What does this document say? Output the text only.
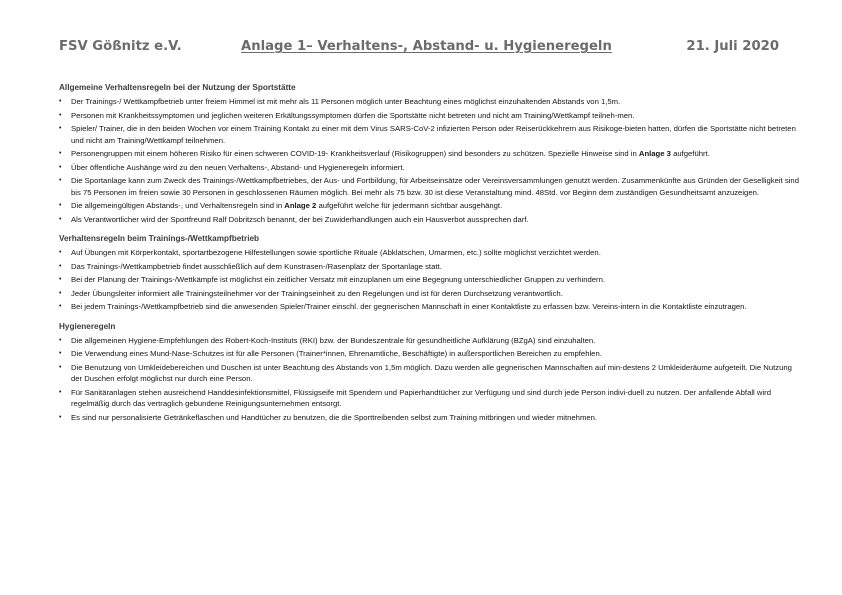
FSV Gößnitz e.V.	Anlage 1– Verhaltens-, Abstand- u. Hygieneregeln	21. Juli 2020
Allgemeine Verhaltensregeln bei der Nutzung der Sportstätte
• Der Trainings-/ Wettkampfbetrieb unter freiem Himmel ist mit mehr als 11 Personen möglich unter Beachtung eines möglichst einzuhaltenden Abstands von 1,5m.
• Personen mit Krankheitssymptomen und jeglichen weiteren Erkältungssymptomen dürfen die Sportstätte nicht betreten und nicht am Training/Wettkampf teilneh-men.
• Spieler/ Trainer, die in den beiden Wochen vor einem Training Kontakt zu einer mit dem Virus SARS-CoV-2 infizierten Person oder Reiserückkehrern aus Risikoge-bieten hatten, dürfen die Sportstätte nicht betreten und nicht am Training/Wettkampf teilnehmen.
• Personengruppen mit einem höheren Risiko für einen schweren COVID-19- Krankheitsverlauf (Risikogruppen) sind besonders zu schützen. Spezielle Hinweise sind in Anlage 3 aufgeführt.
• Über öffentliche Aushänge wird zu den neuen Verhaltens-, Abstand- und Hygieneregeln informiert.
• Die Sportanlage kann zum Zweck des Trainings-/Wettkampfbetriebes, der Aus- und Fortbildung, für Arbeitseinsätze oder Vereinsversammlungen genutzt werden. Zusammenkünfte aus Gründen der Geselligkeit sind bis 75 Personen im freien sowie 30 Personen in geschlossenen Räumen möglich. Bei mehr als 75 bzw. 30 ist diese Veranstaltung mind. 48Std. vor Beginn dem zuständigen Gesundheitsamt anzuzeigen.
• Die allgemeingültigen Abstands-, und Verhaltensregeln sind in Anlage 2 aufgeführt welche für jedermann sichtbar ausgehängt.
• Als Verantwortlicher wird der Sportfreund Ralf Dobritzsch benannt, der bei Zuwiderhandlungen auch ein Hausverbot aussprechen darf.
Verhaltensregeln beim Trainings-/Wettkampfbetrieb
• Auf Übungen mit Körperkontakt, sportartbezogene Hilfestellungen sowie sportliche Rituale (Abklatschen, Umarmen, etc.) sollte möglichst verzichtet werden.
• Das Trainings-/Wettkampbetrieb findet ausschließlich auf dem Kunstrasen-/Rasenplatz der Sportanlage statt.
• Bei der Planung der Trainings-/Wettkämpfe ist möglichst ein zeitlicher Versatz mit einzuplanen um eine Begegnung unterschiedlicher Gruppen zu verhindern.
• Jeder Übungsleiter informiert alle Trainingsteilnehmer vor der Trainingseinheit zu den Regelungen und ist für deren Durchsetzung verantwortlich.
• Bei jedem Trainings-/Wettkampfbetrieb sind die anwesenden Spieler/Trainer einschl. der gegnerischen Mannschaft in einer Kontaktliste zu erfassen bzw. Vereins-intern in die Kontaktliste einzutragen.
Hygieneregeln
• Die allgemeinen Hygiene-Empfehlungen des Robert-Koch-Instituts (RKI) bzw. der Bundeszentrale für gesundheitliche Aufklärung (BZgA) sind einzuhalten.
• Die Verwendung eines Mund-Nase-Schutzes ist für alle Personen (Trainer*innen, Ehrenamtliche, Beschäftigte) in außersportlichen Bereichen zu empfehlen.
• Die Benutzung von Umkleidebereichen und Duschen ist unter Beachtung des Abstands von 1,5m möglich. Dazu werden alle gegnerischen Mannschaften auf min-destens 2 Umkleideräume aufgeteilt. Die Nutzung der Duschen erfolgt möglichst nur durch eine Person.
• Für Sanitäranlagen stehen ausreichend Handdesinfektionsmittel, Flüssigseife mit Spendern und Papierhandtücher zur Verfügung und sind durch jede Person indivi-duell zu nutzen. Der anfallende Abfall wird regelmäßig durch das vertraglich gebundene Reinigungsunternehmen entsorgt.
• Es sind nur personalisierte Getränkeflaschen und Handtücher zu benutzen, die die Sporttreibenden selbst zum Training mitbringen und wieder mitnehmen.
